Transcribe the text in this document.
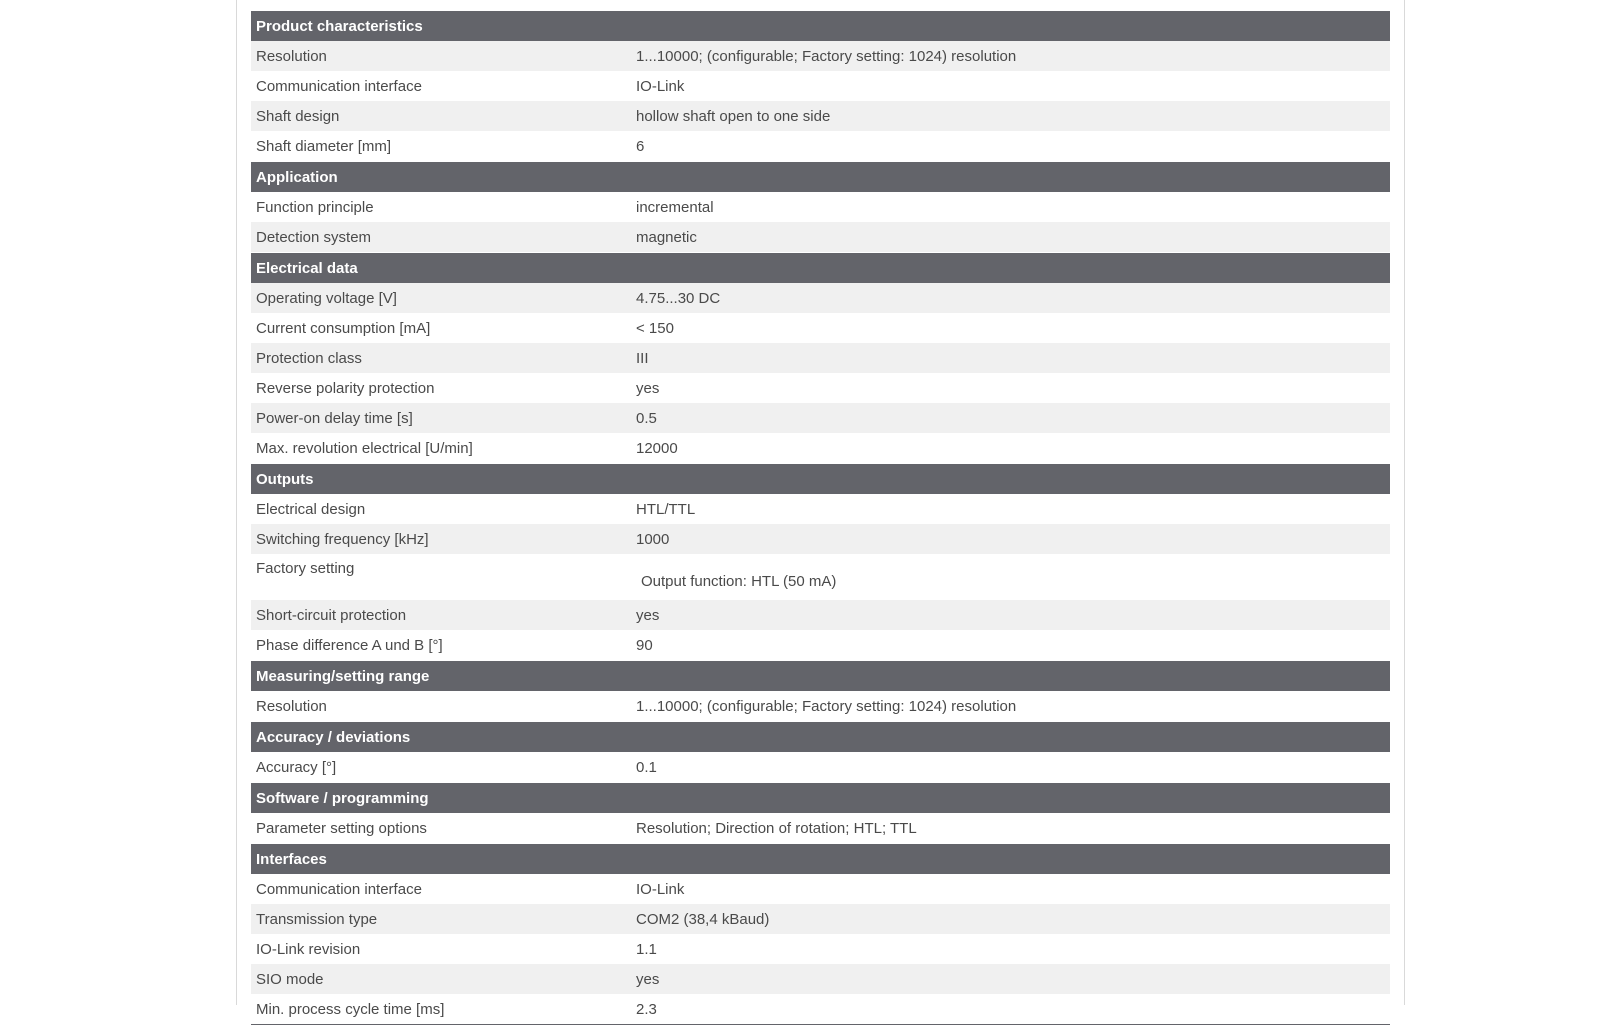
Product characteristics	
Resolution	1...10000; (configurable; Factory setting: 1024) resolution
Communication interface	IO-Link
Shaft design	hollow shaft open to one side
Shaft diameter [mm]	6
Application	
Function principle	incremental
Detection system	magnetic
Electrical data	
Operating voltage [V]	4.75...30 DC
Current consumption [mA]	< 150
Protection class	III
Reverse polarity protection	yes
Power-on delay time [s]	0.5
Max. revolution electrical [U/min]	12000
Outputs	
Electrical design	HTL/TTL
Switching frequency [kHz]	1000
Factory setting	Output function: HTL (50 mA)
Short-circuit protection	yes
Phase difference A und B [°]	90
Measuring/setting range	
Resolution	1...10000; (configurable; Factory setting: 1024) resolution
Accuracy / deviations	
Accuracy [°]	0.1
Software / programming	
Parameter setting options	Resolution; Direction of rotation; HTL; TTL
Interfaces	
Communication interface	IO-Link
Transmission type	COM2 (38,4 kBaud)
IO-Link revision	1.1
SIO mode	yes
Min. process cycle time [ms]	2.3
